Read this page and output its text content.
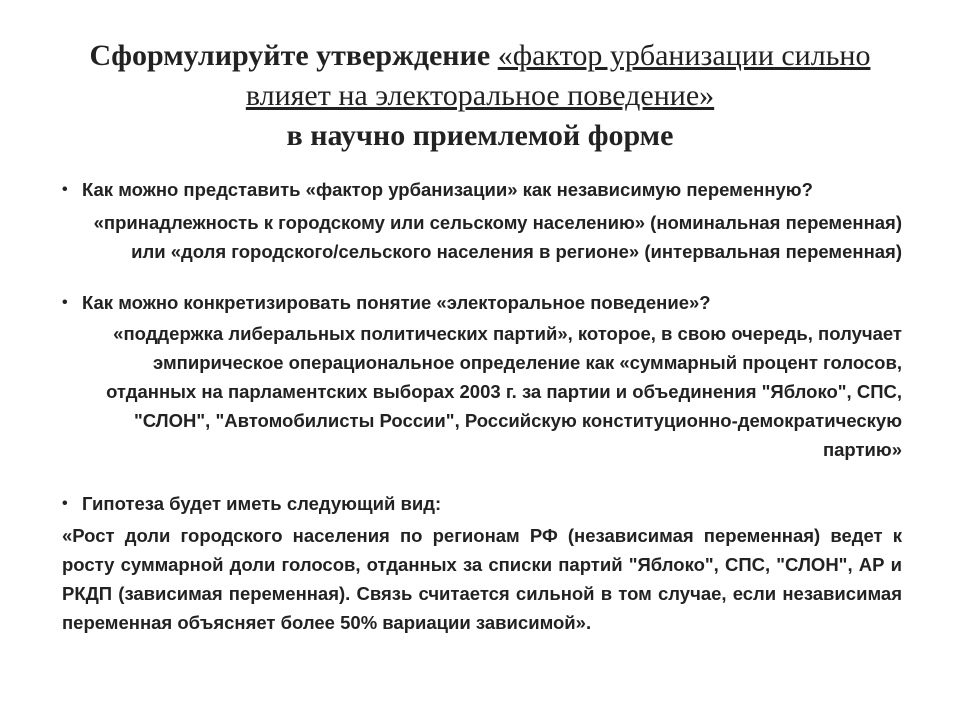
Сформулируйте утверждение «фактор урбанизации сильно влияет на электоральное поведение»
в научно приемлемой форме

• Как можно представить «фактор урбанизации» как независимую переменную?

«принадлежность к городскому или сельскому населению» (номинальная переменная) или «доля городского/сельского населения в регионе» (интервальная переменная)

• Как можно конкретизировать понятие «электоральное поведение»?

«поддержка либеральных политических партий», которое, в свою очередь, получает эмпирическое операциональное определение как «суммарный процент голосов, отданных на парламентских выборах 2003 г. за партии и объединения "Яблоко", СПС, "СЛОН", "Автомобилисты России", Российскую конституционно-демократическую партию»

• Гипотеза будет иметь следующий вид:

«Рост доли городского населения по регионам РФ (независимая переменная) ведет к росту суммарной доли голосов, отданных за списки партий "Яблоко", СПС, "СЛОН", АР и РКДП (зависимая переменная). Связь считается сильной в том случае, если независимая переменная объясняет более 50% вариации зависимой».
